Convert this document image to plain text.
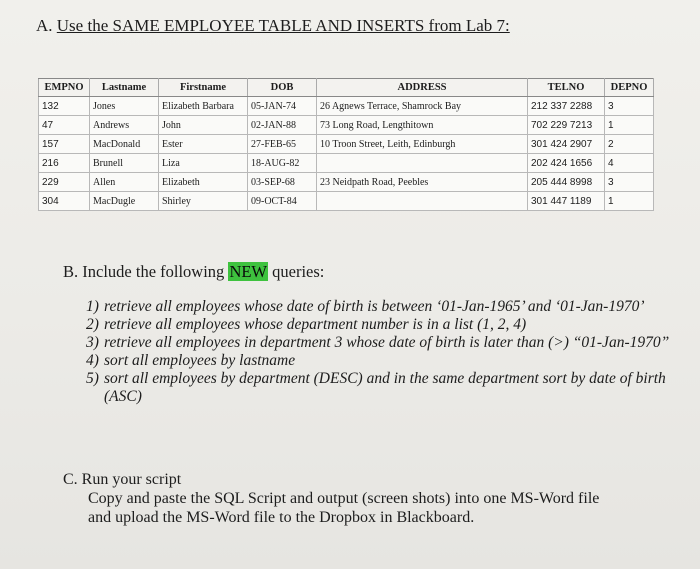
A. Use the SAME EMPLOYEE TABLE AND INSERTS from Lab 7:
EMPNO	Lastname	Firstname	DOB	ADDRESS	TELNO	DEPNO
132	Jones	Elizabeth Barbara	05-JAN-74	26 Agnews Terrace, Shamrock Bay	212 337 2288	3
47	Andrews	John	02-JAN-88	73 Long Road, Lengthitown	702 229 7213	1
157	MacDonald	Ester	27-FEB-65	10 Troon Street, Leith, Edinburgh	301 424 2907	2
216	Brunell	Liza	18-AUG-82		202 424 1656	4
229	Allen	Elizabeth	03-SEP-68	23 Neidpath Road, Peebles	205 444 8998	3
304	MacDugle	Shirley	09-OCT-84		301 447 1189	1
B. Include the following NEW queries:
1) retrieve all employees whose date of birth is between ‘01-Jan-1965’ and ‘01-Jan-1970’
2) retrieve all employees whose department number is in a list (1, 2, 4)
3) retrieve all employees in department 3 whose date of birth is later than (>) “01-Jan-1970”
4) sort all employees by lastname
5) sort all employees by department (DESC) and in the same department sort by date of birth (ASC)
C. Run your script
Copy and paste the SQL Script and output (screen shots) into one MS-Word file
and upload the MS-Word file to the Dropbox in Blackboard.
